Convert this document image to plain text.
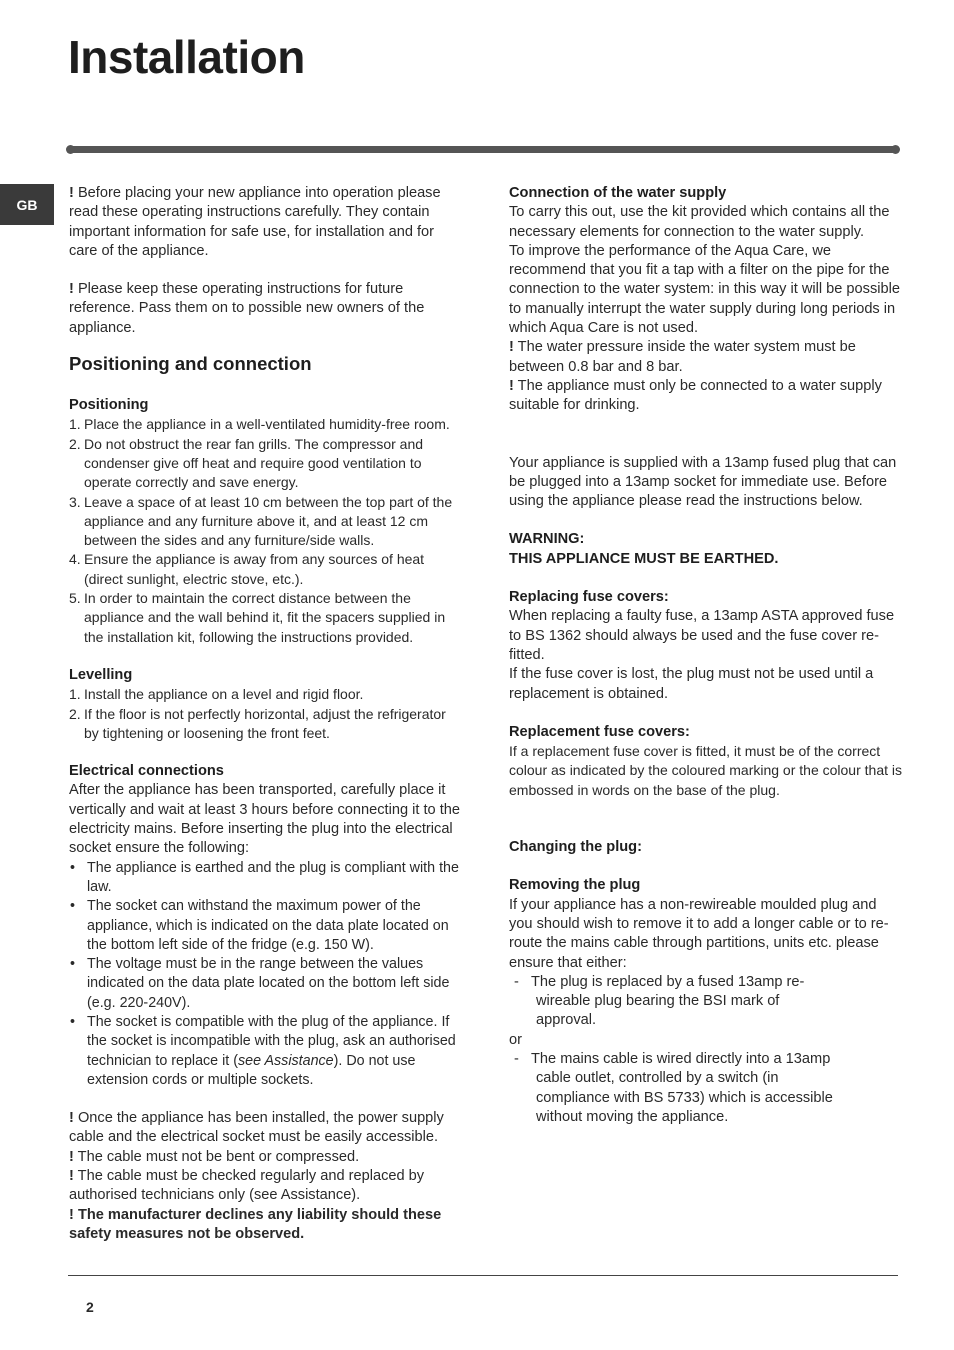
Installation
GB

! Before placing your new appliance into operation please read these operating instructions carefully. They contain important information for safe use, for installation and for care of the appliance.

! Please keep these operating instructions for future reference. Pass them on to possible new owners of the appliance.

Positioning and connection

Positioning

1. Place the appliance in a well-ventilated humidity-free room.
2. Do not obstruct the rear fan grills. The compressor and condenser give off heat and require good ventilation to operate correctly and save energy.
3. Leave a space of at least 10 cm between the top part of the appliance and any furniture above it, and at least 12 cm between the sides and any furniture/side walls.
4. Ensure the appliance is away from any sources of heat (direct sunlight, electric stove, etc.).
5. In order to maintain the correct distance between the appliance and the wall behind it, fit the spacers supplied in the installation kit, following the instructions provided.

Levelling

1. Install the appliance on a level and rigid floor.
2. If the floor is not perfectly horizontal, adjust the refrigerator by tightening or loosening the front feet.

Electrical connections

After the appliance has been transported, carefully place it vertically and wait at least 3 hours before connecting it to the electricity mains. Before inserting the plug into the electrical socket ensure the following:

• The appliance is earthed and the plug is compliant with the law.
• The socket can withstand the maximum power of the appliance, which is indicated on the data plate located on the bottom left side of the fridge (e.g. 150 W).
• The voltage must be in the range between the values indicated on the data plate located on the bottom left side (e.g. 220-240V).
• The socket is compatible with the plug of the appliance. If the socket is incompatible with the plug, ask an authorised technician to replace it (see Assistance). Do not use extension cords or multiple sockets.

! Once the appliance has been installed, the power supply cable and the electrical socket must be easily accessible.

! The cable must not be bent or compressed.

! The cable must be checked regularly and replaced by authorised technicians only (see Assistance).

! The manufacturer declines any liability should these safety measures not be observed.

Connection of the water supply

To carry this out, use the kit provided which contains all the necessary elements for connection to the water supply.

To improve the performance of the Aqua Care, we recommend that you fit a tap with a filter on the pipe for the connection to the water system: in this way it will be possible to manually interrupt the water supply during long periods in which Aqua Care is not used.

! The water pressure inside the water system must be between 0.8 bar and 8 bar.

! The appliance must only be connected to a water supply suitable for drinking.

Your appliance is supplied with a 13amp fused plug that can be plugged into a 13amp socket for immediate use. Before using the appliance please read the instructions below.

WARNING:

THIS APPLIANCE MUST BE EARTHED.

Replacing fuse covers:

When replacing a faulty fuse, a 13amp ASTA approved fuse to BS 1362 should always be used and the fuse cover re-fitted.

If the fuse cover is lost, the plug must not be used until a replacement is obtained.

Replacement fuse covers:

If a replacement fuse cover is fitted, it must be of the correct colour as indicated by the coloured marking or the colour that is embossed in words on the base of the plug.

Changing the plug:

Removing the plug

If your appliance has a non-rewireable moulded plug and you should wish to remove it to add a longer cable or to re-route the mains cable through partitions, units etc. please ensure that either:

- The plug is replaced by a fused 13amp re-wireable plug bearing the BSI mark of approval.

or

- The mains cable is wired directly into a 13amp cable outlet, controlled by a switch (in compliance with BS 5733) which is accessible without moving the appliance.
2
